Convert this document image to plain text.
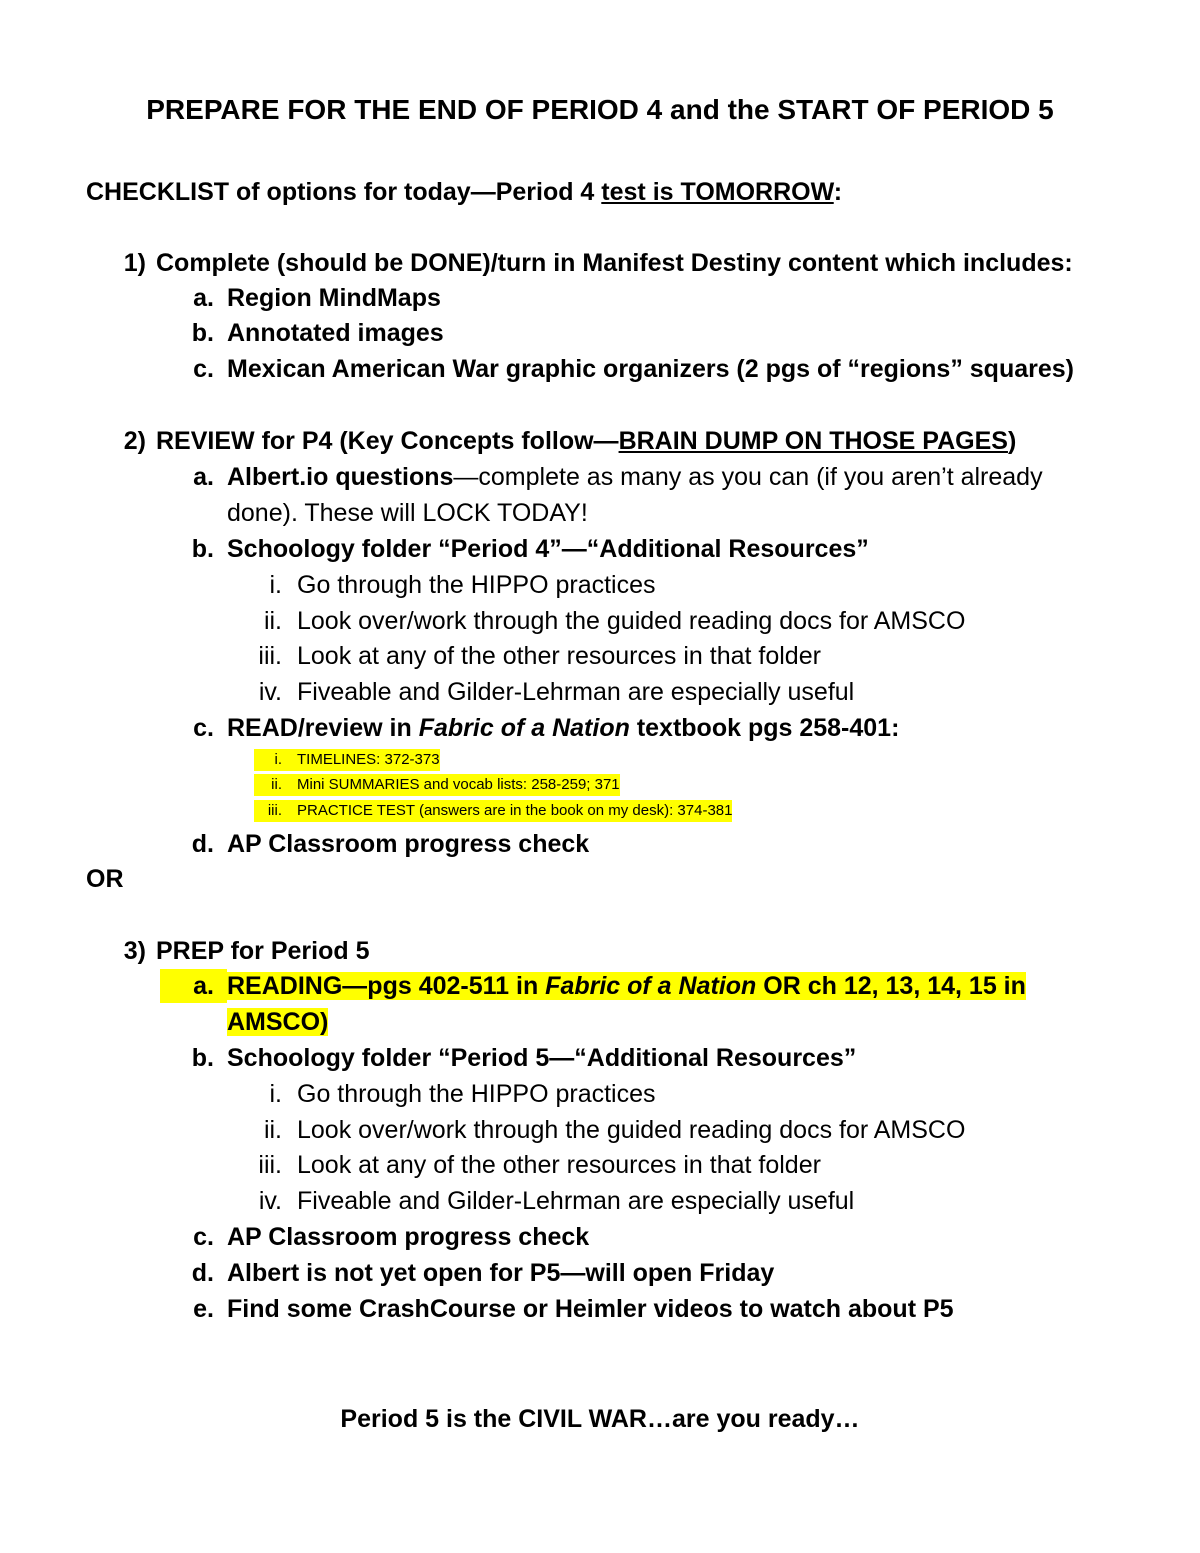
PREPARE FOR THE END OF PERIOD 4 and the START OF PERIOD 5
CHECKLIST of options for today—Period 4 test is TOMORROW:
1) Complete (should be DONE)/turn in Manifest Destiny content which includes:
a. Region MindMaps
b. Annotated images
c. Mexican American War graphic organizers (2 pgs of “regions” squares)
2) REVIEW for P4 (Key Concepts follow—BRAIN DUMP ON THOSE PAGES)
a. Albert.io questions—complete as many as you can (if you aren’t already
done). These will LOCK TODAY!
b. Schoology folder “Period 4”—“Additional Resources”
i. Go through the HIPPO practices
ii. Look over/work through the guided reading docs for AMSCO
iii. Look at any of the other resources in that folder
iv. Fiveable and Gilder-Lehrman are especially useful
c. READ/review in Fabric of a Nation textbook pgs 258-401:
i.	TIMELINES: 372-373
ii.	Mini SUMMARIES and vocab lists: 258-259; 371
iii.	PRACTICE TEST (answers are in the book on my desk): 374-381
d. AP Classroom progress check
OR
3) PREP for Period 5
a. READING—pgs 402-511 in Fabric of a Nation OR ch 12, 13, 14, 15 in
AMSCO)
b. Schoology folder “Period 5—“Additional Resources”
i. Go through the HIPPO practices
ii. Look over/work through the guided reading docs for AMSCO
iii. Look at any of the other resources in that folder
iv. Fiveable and Gilder-Lehrman are especially useful
c. AP Classroom progress check
d. Albert is not yet open for P5—will open Friday
e. Find some CrashCourse or Heimler videos to watch about P5
Period 5 is the CIVIL WAR…are you ready…
